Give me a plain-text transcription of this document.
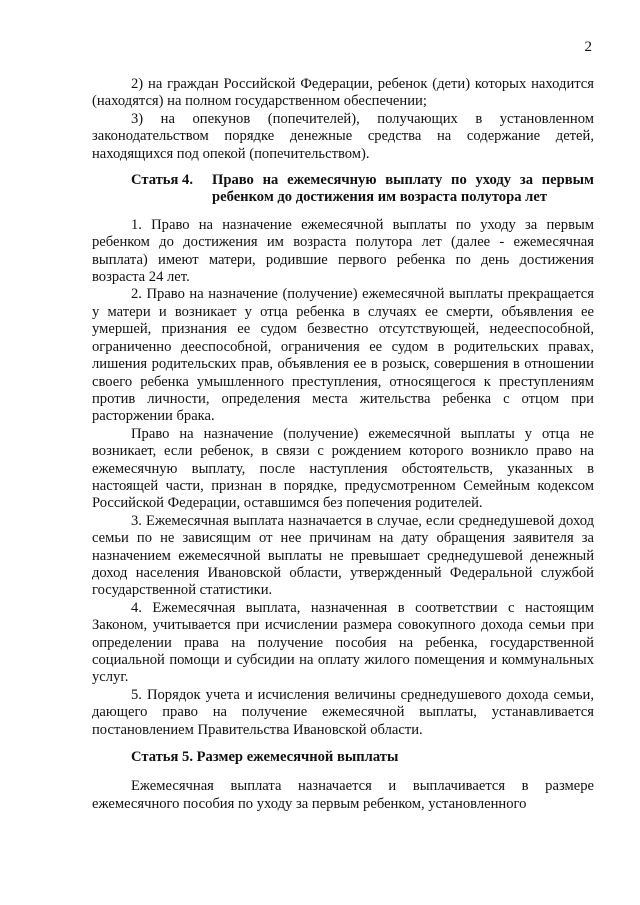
2

2) на граждан Российской Федерации, ребенок (дети) которых находится (находятся) на полном государственном обеспечении;

3) на опекунов (попечителей), получающих в установленном законодательством порядке денежные средства на содержание детей, находящихся под опекой (попечительством).

Статья 4.	Право на ежемесячную выплату по уходу за первым ребенком до достижения им возраста полутора лет

1. Право на назначение ежемесячной выплаты по уходу за первым ребенком до достижения им возраста полутора лет (далее - ежемесячная выплата) имеют матери, родившие первого ребенка по день достижения возраста 24 лет.

2. Право на назначение (получение) ежемесячной выплаты прекращается у матери и возникает у отца ребенка в случаях ее смерти, объявления ее умершей, признания ее судом безвестно отсутствующей, недееспособной, ограниченно дееспособной, ограничения ее судом в родительских правах, лишения родительских прав, объявления ее в розыск, совершения в отношении своего ребенка умышленного преступления, относящегося к преступлениям против личности, определения места жительства ребенка с отцом при расторжении брака.

Право на назначение (получение) ежемесячной выплаты у отца не возникает, если ребенок, в связи с рождением которого возникло право на ежемесячную выплату, после наступления обстоятельств, указанных в настоящей части, признан в порядке, предусмотренном Семейным кодексом Российской Федерации, оставшимся без попечения родителей.

3. Ежемесячная выплата назначается в случае, если среднедушевой доход семьи по не зависящим от нее причинам на дату обращения заявителя за назначением ежемесячной выплаты не превышает среднедушевой денежный доход населения Ивановской области, утвержденный Федеральной службой государственной статистики.

4. Ежемесячная выплата, назначенная в соответствии с настоящим Законом, учитывается при исчислении размера совокупного дохода семьи при определении права на получение пособия на ребенка, государственной социальной помощи и субсидии на оплату жилого помещения и коммунальных услуг.

5. Порядок учета и исчисления величины среднедушевого дохода семьи, дающего право на получение ежемесячной выплаты, устанавливается постановлением Правительства Ивановской области.

Статья 5. Размер ежемесячной выплаты

Ежемесячная выплата назначается и выплачивается в размере ежемесячного пособия по уходу за первым ребенком, установленного
